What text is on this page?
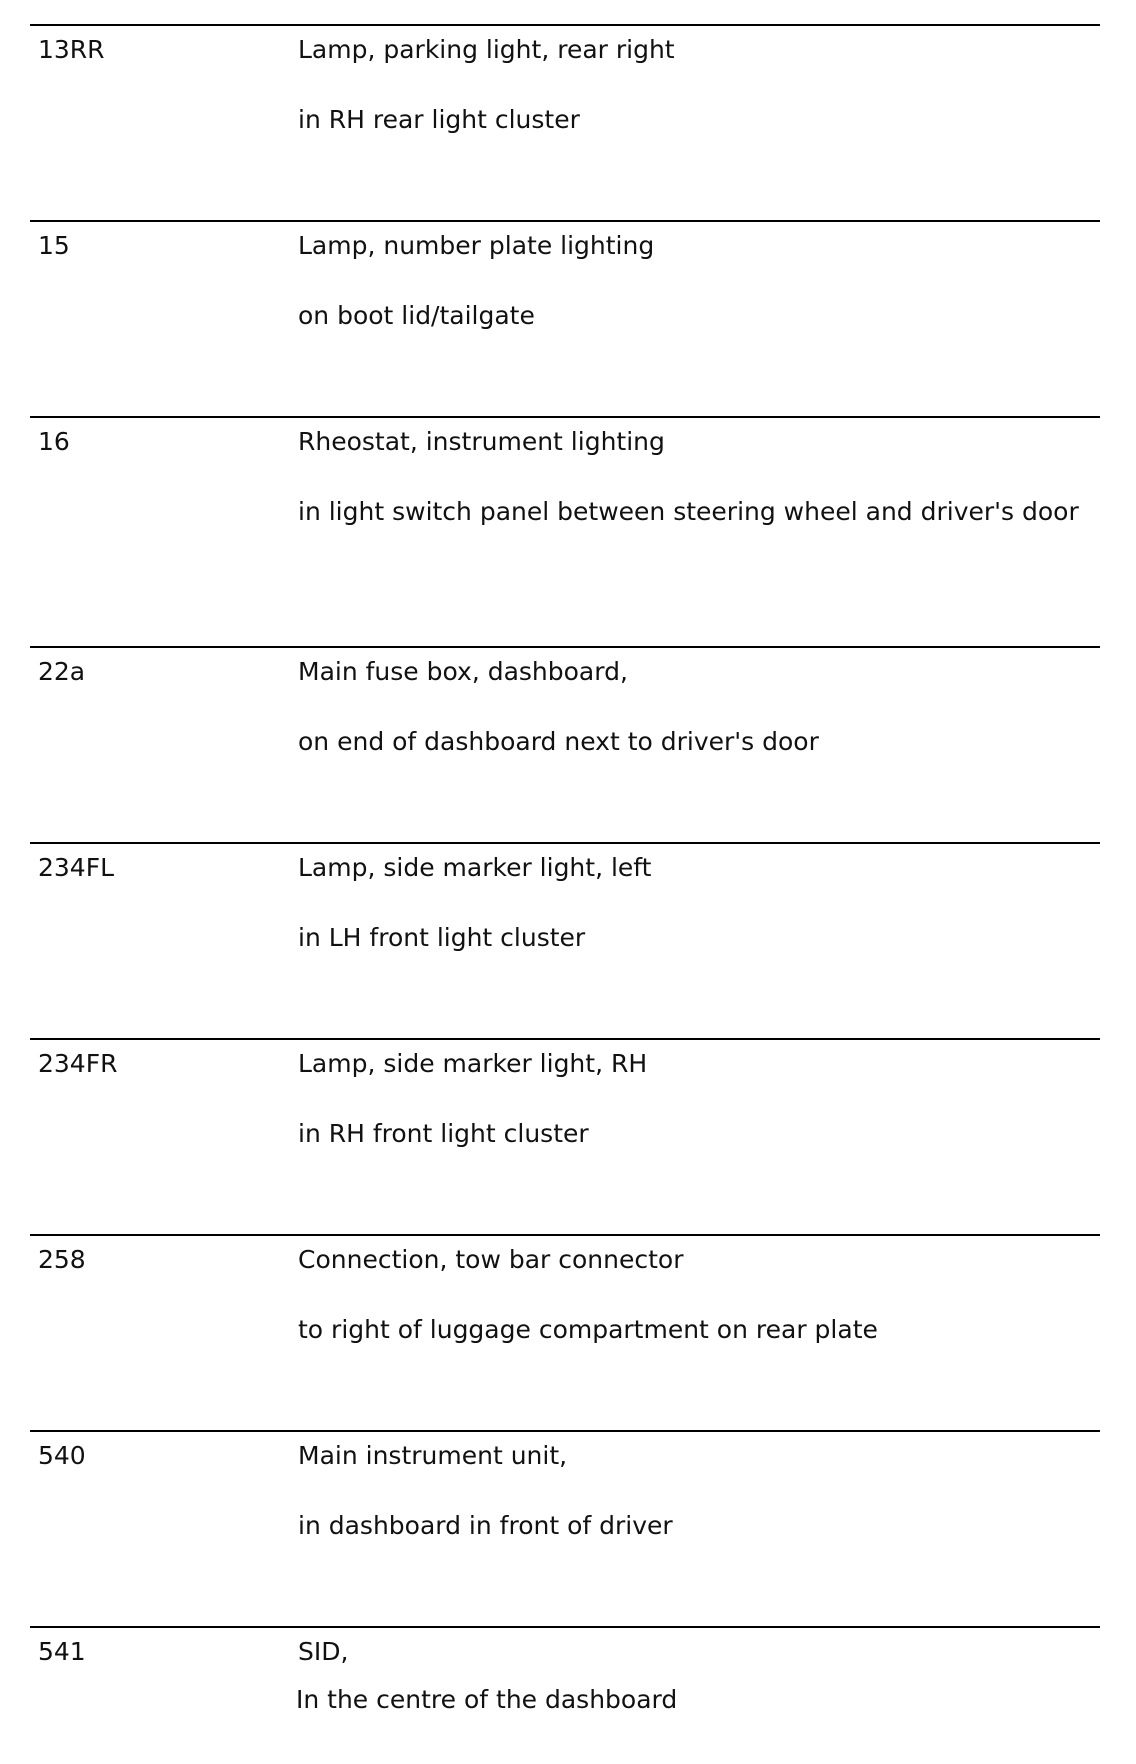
13RR	Lamp, parking light, rear right
in RH rear light cluster
15	Lamp, number plate lighting
on boot lid/tailgate
16	Rheostat, instrument lighting
in light switch panel between steering wheel and driver's door
22a	Main fuse box, dashboard,
on end of dashboard next to driver's door
234FL	Lamp, side marker light, left
in LH front light cluster
234FR	Lamp, side marker light, RH
in RH front light cluster
258	Connection, tow bar connector
to right of luggage compartment on rear plate
540	Main instrument unit,
in dashboard in front of driver
541	SID,
In the centre of the dashboard
